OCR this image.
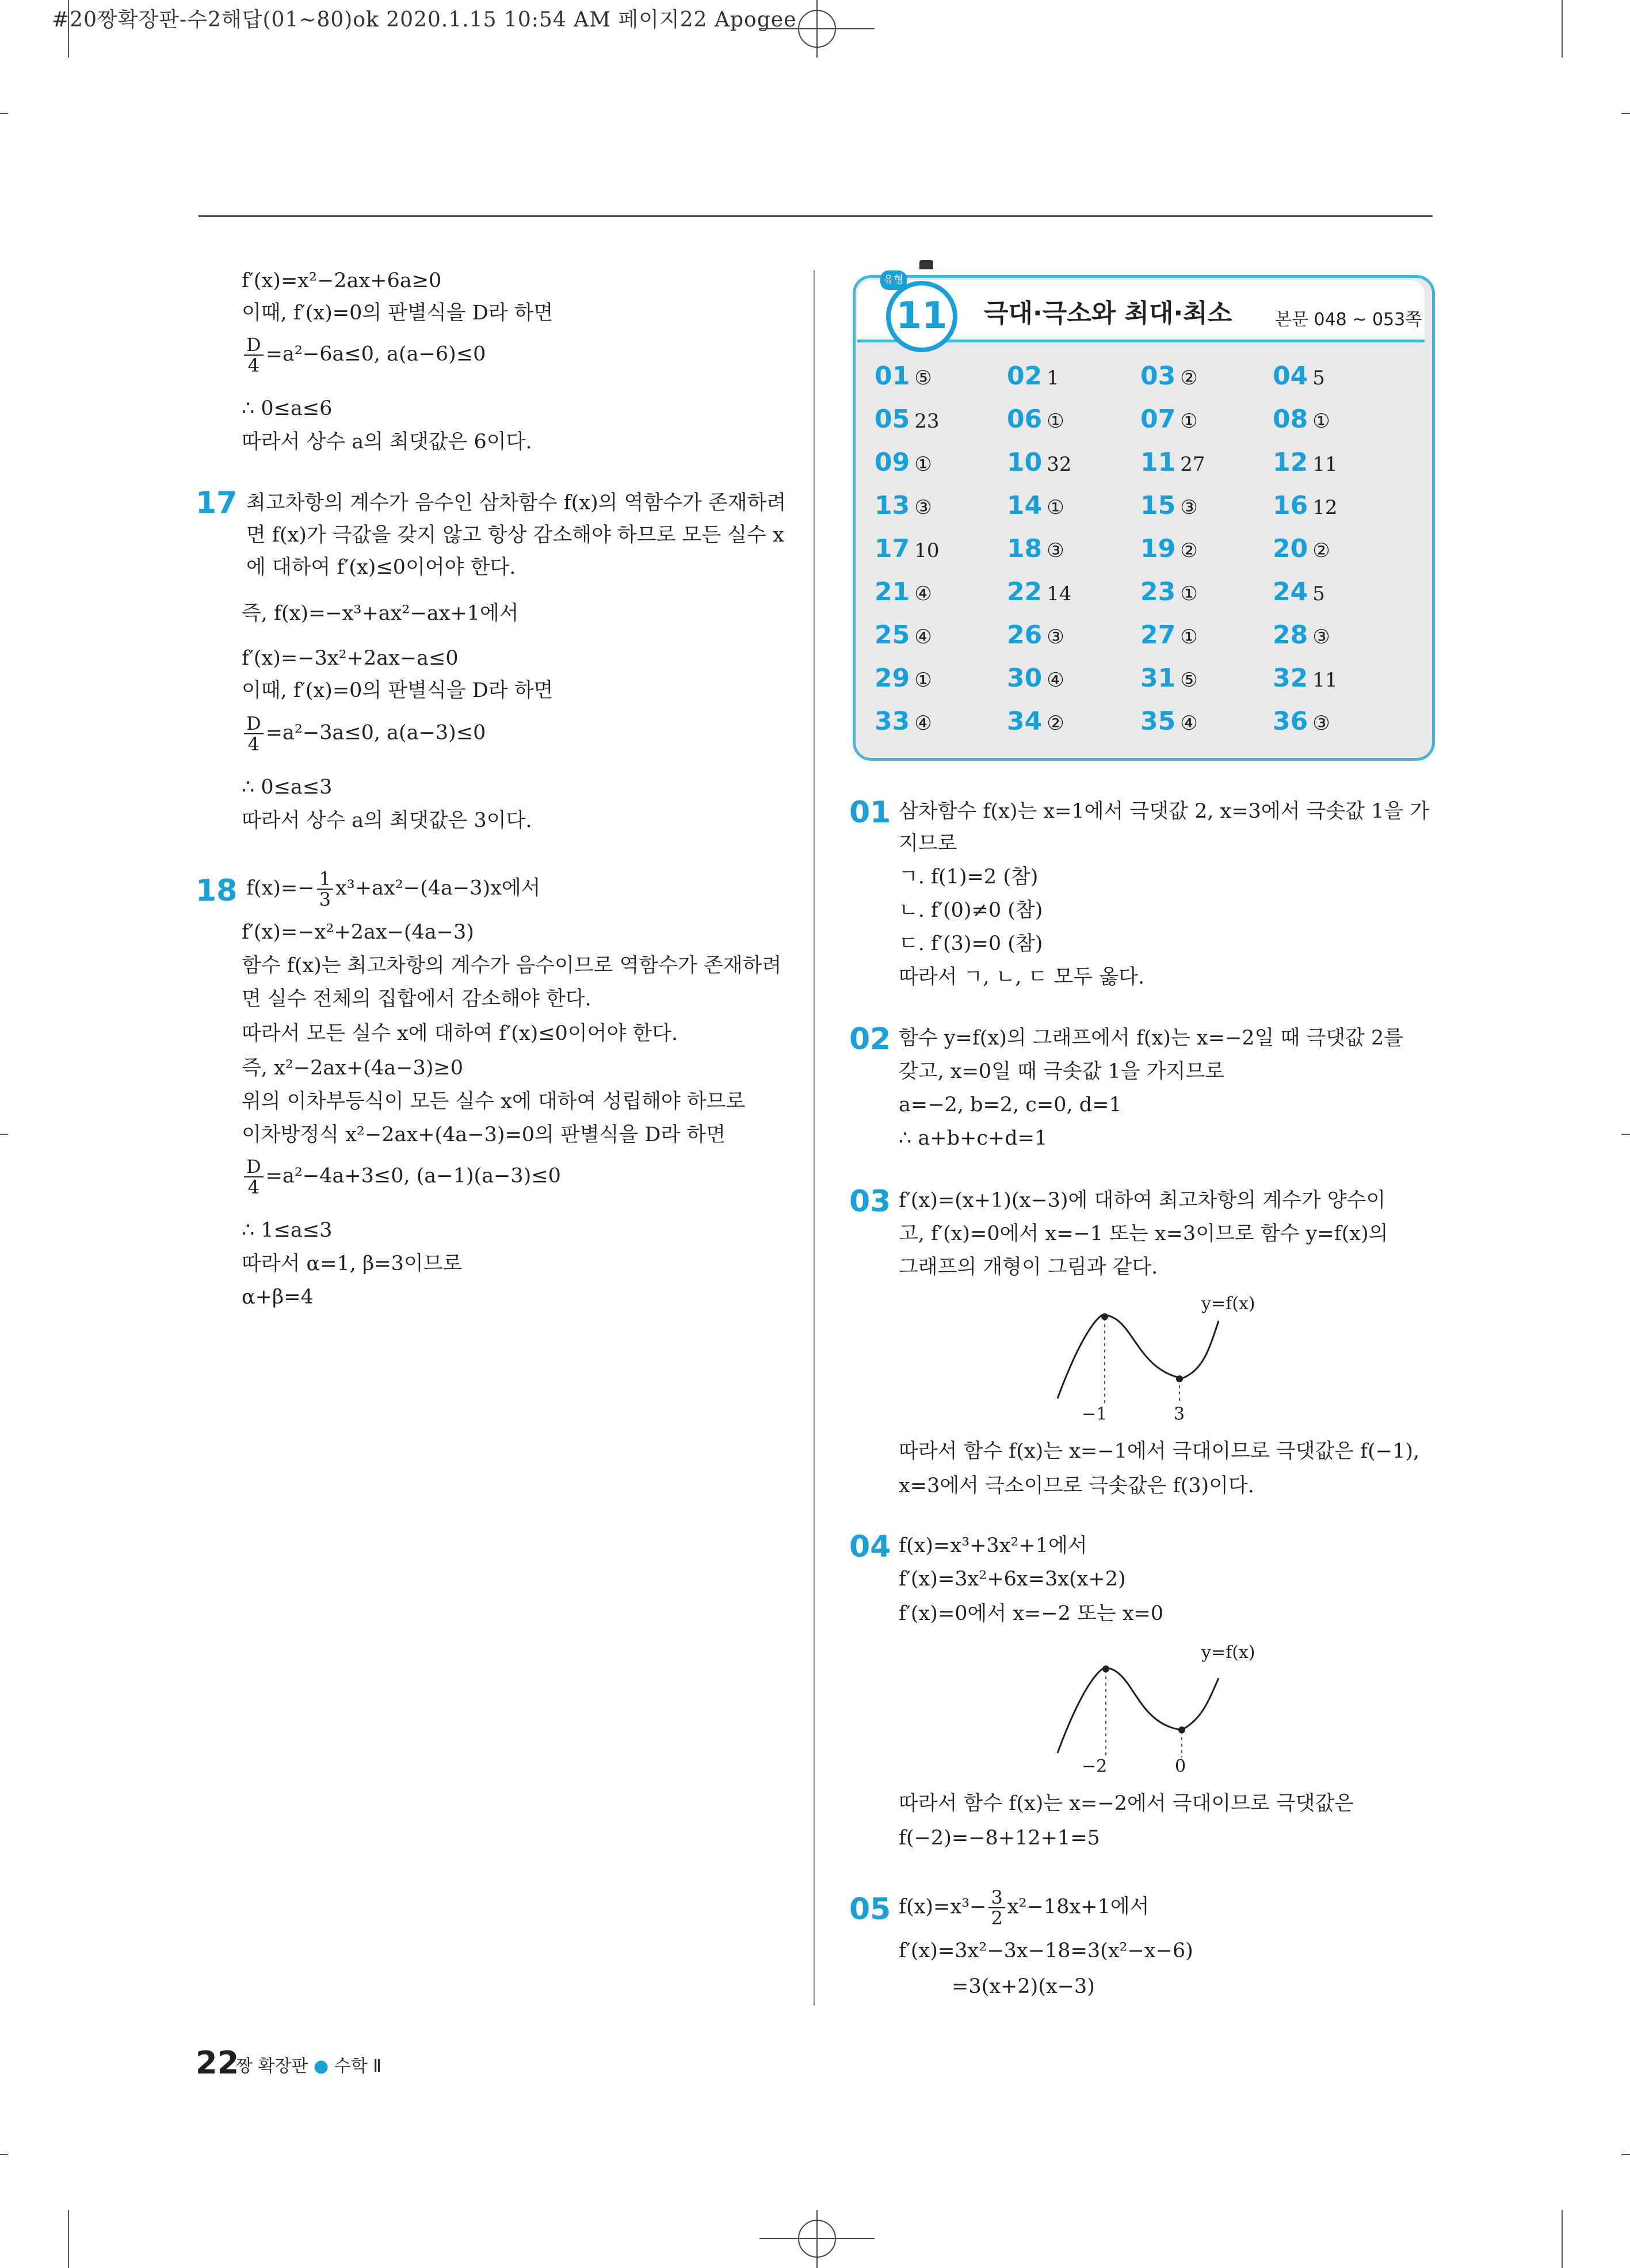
#20짱확장판-수2해답(01~80)ok 2020.1.15 10:54 AM 페이지22 Apogee
f′(x)=x²−2ax+6a≥0
이때, f′(x)=0의 판별식을 D라 하면
$\frac{D}{4} =a^2-6a\le 0$, a(a−6)≤0
∴ 0≤a≤6
따라서 상수 a의 최댓값은 6이다.
17 최고차항의 계수가 음수인 삼차함수 f(x)의 역함수가 존재하려
면 f(x)가 극값을 갖지 않고 항상 감소해야 하므로 모든 실수 x
에 대하여 f′(x)≤0이어야 한다.
즉, f(x)=−x³+ax²−ax+1에서
f′(x)=−3x²+2ax−a≤0
이때, f′(x)=0의 판별식을 D라 하면
$\frac{D}{4} =a^2-3a\le 0$, a(a−3)≤0
∴ 0≤a≤3
따라서 상수 a의 최댓값은 3이다.
18 $f(x)=- \frac{1}{3} x^3+ax^2-(4a-3)x$에서
f′(x)=−x²+2ax−(4a−3)
함수 f(x)는 최고차항의 계수가 음수이므로 역함수가 존재하려
면 실수 전체의 집합에서 감소해야 한다.
따라서 모든 실수 x에 대하여 f′(x)≤0이어야 한다.
즉, x²−2ax+(4a−3)≥0
위의 이차부등식이 모든 실수 x에 대하여 성립해야 하므로
이차방정식 x²−2ax+(4a−3)=0의 판별식을 D라 하면
$\frac{D}{4} =a^2-4a+3\le 0$, (a−1)(a−3)≤0
∴ 1≤a≤3
따라서 α=1, β=3이므로
α+β=4
11
유형
극대·극소와 최대·최소 본문 048 ~ 053쪽
01 ⑤	02 1	03 ②	04 5
05 23	06 ①	07 ①	08 ①
09 ①	10 32	11 27	12 11
13 ③	14 ①	15 ③	16 12
17 10	18 ③	19 ②	20 ②
21 ④	22 14	23 ①	24 5
25 ④	26 ③	27 ①	28 ③
29 ①	30 ④	31 ⑤	32 11
33 ④	34 ②	35 ④	36 ③
01 삼차함수 f(x)는 x=1에서 극댓값 2, x=3에서 극솟값 1을 가
지므로
ㄱ. f(1)=2 (참)
ㄴ. f′(0)≠0 (참)
ㄷ. f′(3)=0 (참)
따라서 ㄱ, ㄴ, ㄷ 모두 옳다.
02 함수 y=f(x)의 그래프에서 f(x)는 x=−2일 때 극댓값 2를
갖고, x=0일 때 극솟값 1을 가지므로
a=−2, b=2, c=0, d=1
∴ a+b+c+d=1
03 f′(x)=(x+1)(x−3)에 대하여 최고차항의 계수가 양수이
고, f′(x)=0에서 x=−1 또는 x=3이므로 함수 y=f(x)의
그래프의 개형이 그림과 같다.
y=f(x)
−1	3
따라서 함수 f(x)는 x=−1에서 극대이므로 극댓값은 f(−1),
x=3에서 극소이므로 극솟값은 f(3)이다.
04 f(x)=x³+3x²+1에서
f′(x)=3x²+6x=3x(x+2)
f′(x)=0에서 x=−2 또는 x=0
y=f(x)
−2	0
따라서 함수 f(x)는 x=−2에서 극대이므로 극댓값은
f(−2)=−8+12+1=5
05 $f(x)=x^3- \frac{3}{2} x^2-18x+1$에서
f′(x)=3x²−3x−18=3(x²−x−6)
=3(x+2)(x−3)
22
짱 확장판 ● 수학 Ⅱ
